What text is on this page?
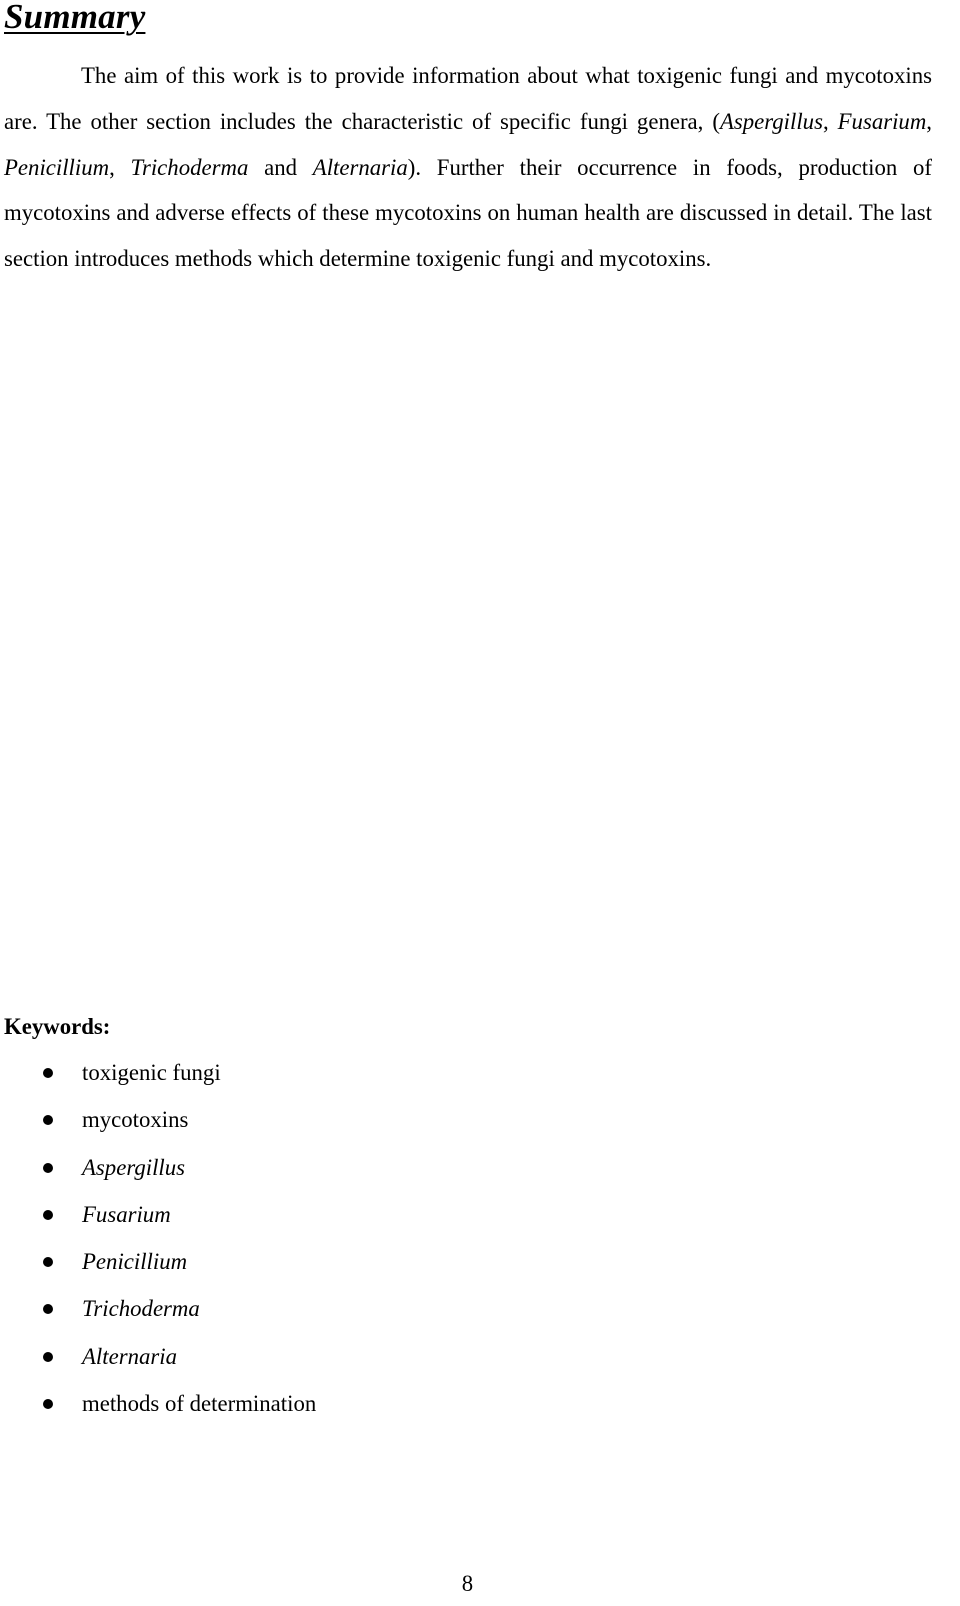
Summary

The aim of this work is to provide information about what toxigenic fungi and mycotoxins are. The other section includes the characteristic of specific fungi genera, (Aspergillus, Fusarium, Penicillium, Trichoderma and Alternaria). Further their occurrence in foods, production of mycotoxins and adverse effects of these mycotoxins on human health are discussed in detail. The last section introduces methods which determine toxigenic fungi and mycotoxins.

Keywords:

toxigenic fungi
mycotoxins
Aspergillus
Fusarium
Penicillium
Trichoderma
Alternaria
methods of determination

8
